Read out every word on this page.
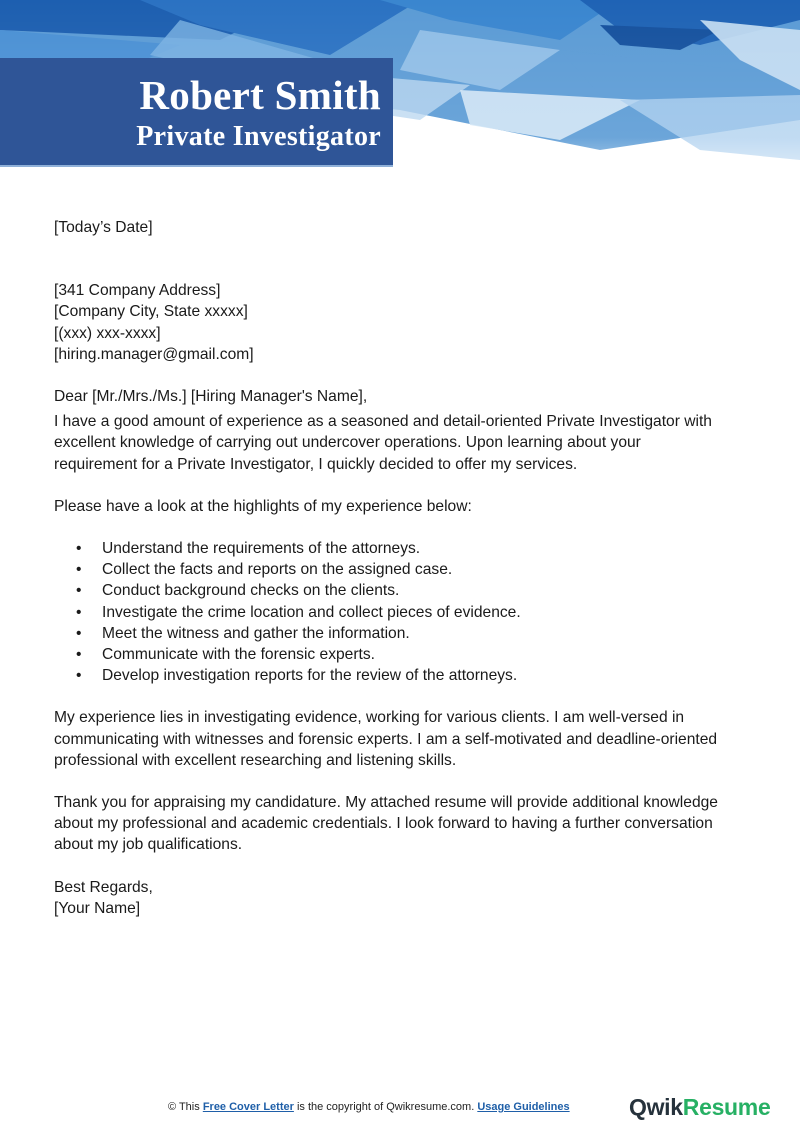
Robert Smith
Private Investigator

[Today’s Date]

[341 Company Address]

[Company City, State xxxxx]

[(xxx) xxx-xxxx]

[hiring.manager@gmail.com]

Dear [Mr./Mrs./Ms.] [Hiring Manager's Name],

I have a good amount of experience as a seasoned and detail-oriented Private Investigator with

excellent knowledge of carrying out undercover operations. Upon learning about your

requirement for a Private Investigator, I quickly decided to offer my services.

Please have a look at the highlights of my experience below:

• Understand the requirements of the attorneys.
• Collect the facts and reports on the assigned case.
• Conduct background checks on the clients.
• Investigate the crime location and collect pieces of evidence.
• Meet the witness and gather the information.
• Communicate with the forensic experts.
• Develop investigation reports for the review of the attorneys.

My experience lies in investigating evidence, working for various clients. I am well-versed in

communicating with witnesses and forensic experts. I am a self-motivated and deadline-oriented

professional with excellent researching and listening skills.

Thank you for appraising my candidature. My attached resume will provide additional knowledge

about my professional and academic credentials. I look forward to having a further conversation

about my job qualifications.

Best Regards,

[Your Name]

© This Free Cover Letter is the copyright of Qwikresume.com. Usage Guidelines	QwikResume
